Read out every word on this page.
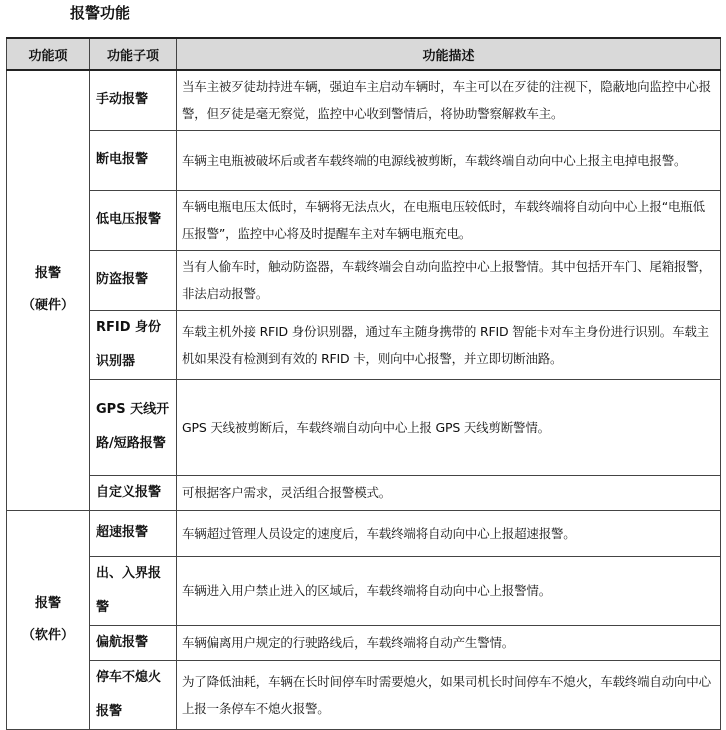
报警功能
功能项	功能子项	功能描述

报警
（硬件）	手动报警	当车主被歹徒劫持进车辆，强迫车主启动车辆时，车主可以在歹徒的注视下，隐蔽地向监控中心报警，但歹徒是毫无察觉，监控中心收到警情后，将协助警察解救车主。
	断电报警	车辆主电瓶被破坏后或者车载终端的电源线被剪断，车载终端自动向中心上报主电掉电报警。
	低电压报警	车辆电瓶电压太低时，车辆将无法点火，在电瓶电压较低时，车载终端将自动向中心上报“电瓶低压报警”，监控中心将及时提醒车主对车辆电瓶充电。
	防盗报警	当有人偷车时，触动防盗器，车载终端会自动向监控中心上报警情。其中包括开车门、尾箱报警，非法启动报警。
	RFID 身份识别器	车载主机外接 RFID 身份识别器，通过车主随身携带的 RFID 智能卡对车主身份进行识别。车载主机如果没有检测到有效的 RFID 卡，则向中心报警，并立即切断油路。
	GPS 天线开路/短路报警	GPS 天线被剪断后，车载终端自动向中心上报 GPS 天线剪断警情。
	自定义报警	可根据客户需求，灵活组合报警模式。

报警
（软件）	超速报警	车辆超过管理人员设定的速度后，车载终端将自动向中心上报超速报警。
	出、入界报警	车辆进入用户禁止进入的区域后，车载终端将自动向中心上报警情。
	偏航报警	车辆偏离用户规定的行驶路线后，车载终端将自动产生警情。
	停车不熄火报警	为了降低油耗，车辆在长时间停车时需要熄火，如果司机长时间停车不熄火，车载终端自动向中心上报一条停车不熄火报警。
